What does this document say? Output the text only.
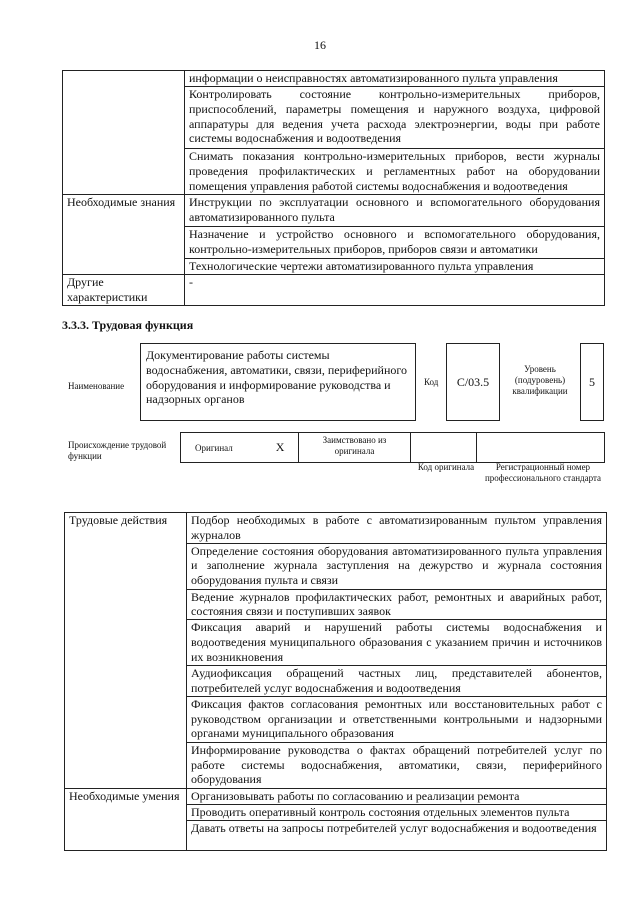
16
	информации о неисправностях автоматизированного пульта управления
	Контролировать состояние контрольно-измерительных приборов, приспособлений, параметры помещения и наружного воздуха, цифровой аппаратуры для ведения учета расхода электроэнергии, воды при работе системы водоснабжения и водоотведения
	Снимать показания контрольно-измерительных приборов, вести журналы проведения профилактических и регламентных работ на оборудовании помещения управления работой системы водоснабжения и водоотведения
Необходимые знания	Инструкции по эксплуатации основного и вспомогательного оборудования автоматизированного пульта
	Назначение и устройство основного и вспомогательного оборудования, контрольно-измерительных приборов, приборов связи и автоматики
	Технологические чертежи автоматизированного пульта управления
Другие характеристики	-
3.3.3. Трудовая функция
Наименование
Документирование работы системы водоснабжения, автоматики, связи, периферийного оборудования и информирование руководства и надзорных органов
Код	С/03.5
Уровень (подуровень) квалификации
5
Происхождение трудовой функции
Оригинал	X	Заимствовано из оригинала

Код оригинала	Регистрационный номер профессионального стандарта
Трудовые действия	Подбор необходимых в работе с автоматизированным пультом управления журналов
	Определение состояния оборудования автоматизированного пульта управления и заполнение журнала заступления на дежурство и журнала состояния оборудования пульта и связи
	Ведение журналов профилактических работ, ремонтных и аварийных работ, состояния связи и поступивших заявок
	Фиксация аварий и нарушений работы системы водоснабжения и водоотведения муниципального образования с указанием причин и источников их возникновения
	Аудиофиксация обращений частных лиц, представителей абонентов, потребителей услуг водоснабжения и водоотведения
	Фиксация фактов согласования ремонтных или восстановительных работ с руководством организации и ответственными контрольными и надзорными органами муниципального образования
	Информирование руководства о фактах обращений потребителей услуг по работе системы водоснабжения, автоматики, связи, периферийного оборудования
Необходимые умения	Организовывать работы по согласованию и реализации ремонта
	Проводить оперативный контроль состояния отдельных элементов пульта
	Давать ответы на запросы потребителей услуг водоснабжения и водоотведения
